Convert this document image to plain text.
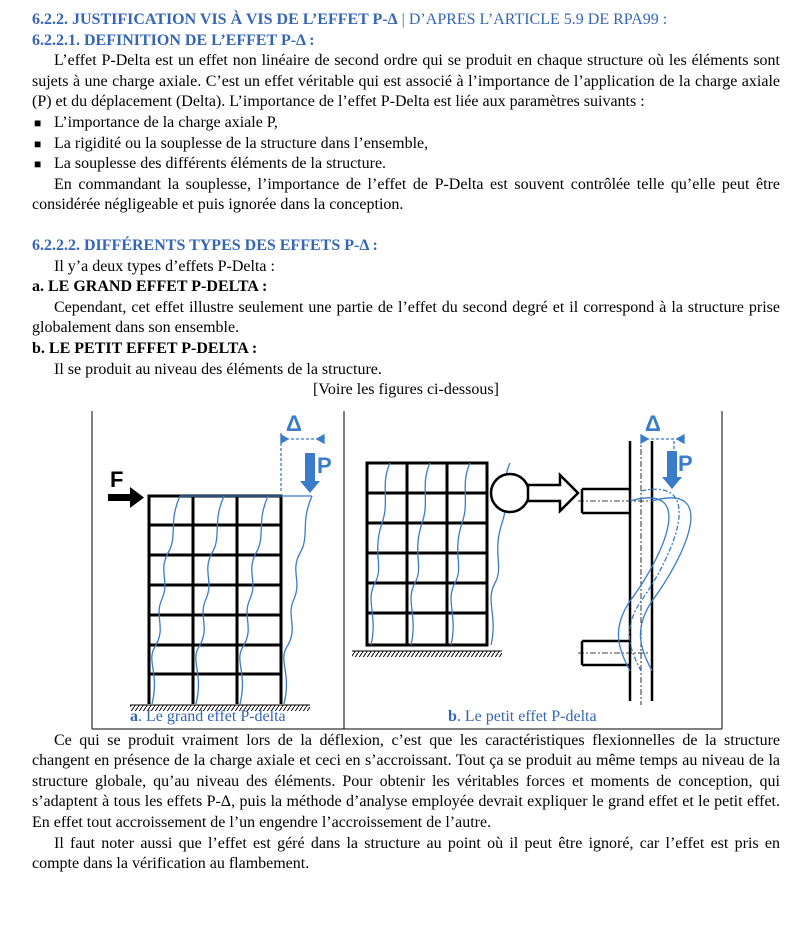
6.2.2. JUSTIFICATION VIS À VIS DE L’EFFET P-Δ | D’APRES L’ARTICLE 5.9 DE RPA99 :

6.2.2.1. DEFINITION DE L’EFFET P-Δ :

L’effet P-Delta est un effet non linéaire de second ordre qui se produit en chaque structure où les éléments sont sujets à une charge axiale. C’est un effet véritable qui est associé à l’importance de l’application de la charge axiale (P) et du déplacement (Delta). L’importance de l’effet P-Delta est liée aux paramètres suivants :

■ L’importance de la charge axiale P,
■ La rigidité ou la souplesse de la structure dans l’ensemble,
■ La souplesse des différents éléments de la structure.

En commandant la souplesse, l’importance de l’effet de P-Delta est souvent contrôlée telle qu’elle peut être considérée négligeable et puis ignorée dans la conception.

6.2.2.2. DIFFÉRENTS TYPES DES EFFETS P-Δ :

Il y’a deux types d’effets P-Delta :

a. LE GRAND EFFET P-DELTA :

Cependant, cet effet illustre seulement une partie de l’effet du second degré et il correspond à la structure prise globalement dans son ensemble.

b. LE PETIT EFFET P-DELTA :

Il se produit au niveau des éléments de la structure.

[Voire les figures ci-dessous]

F
Δ
P
Δ
P
a. Le grand effet P-delta	b. Le petit effet P-delta

Ce qui se produit vraiment lors de la déflexion, c’est que les caractéristiques flexionnelles de la structure changent en présence de la charge axiale et ceci en s’accroissant. Tout ça se produit au même temps au niveau de la structure globale, qu’au niveau des éléments. Pour obtenir les véritables forces et moments de conception, qui s’adaptent à tous les effets P-Δ, puis la méthode d’analyse employée devrait expliquer le grand effet et le petit effet. En effet tout accroissement de l’un engendre l’accroissement de l’autre.

Il faut noter aussi que l’effet est géré dans la structure au point où il peut être ignoré, car l’effet est pris en compte dans la vérification au flambement.
